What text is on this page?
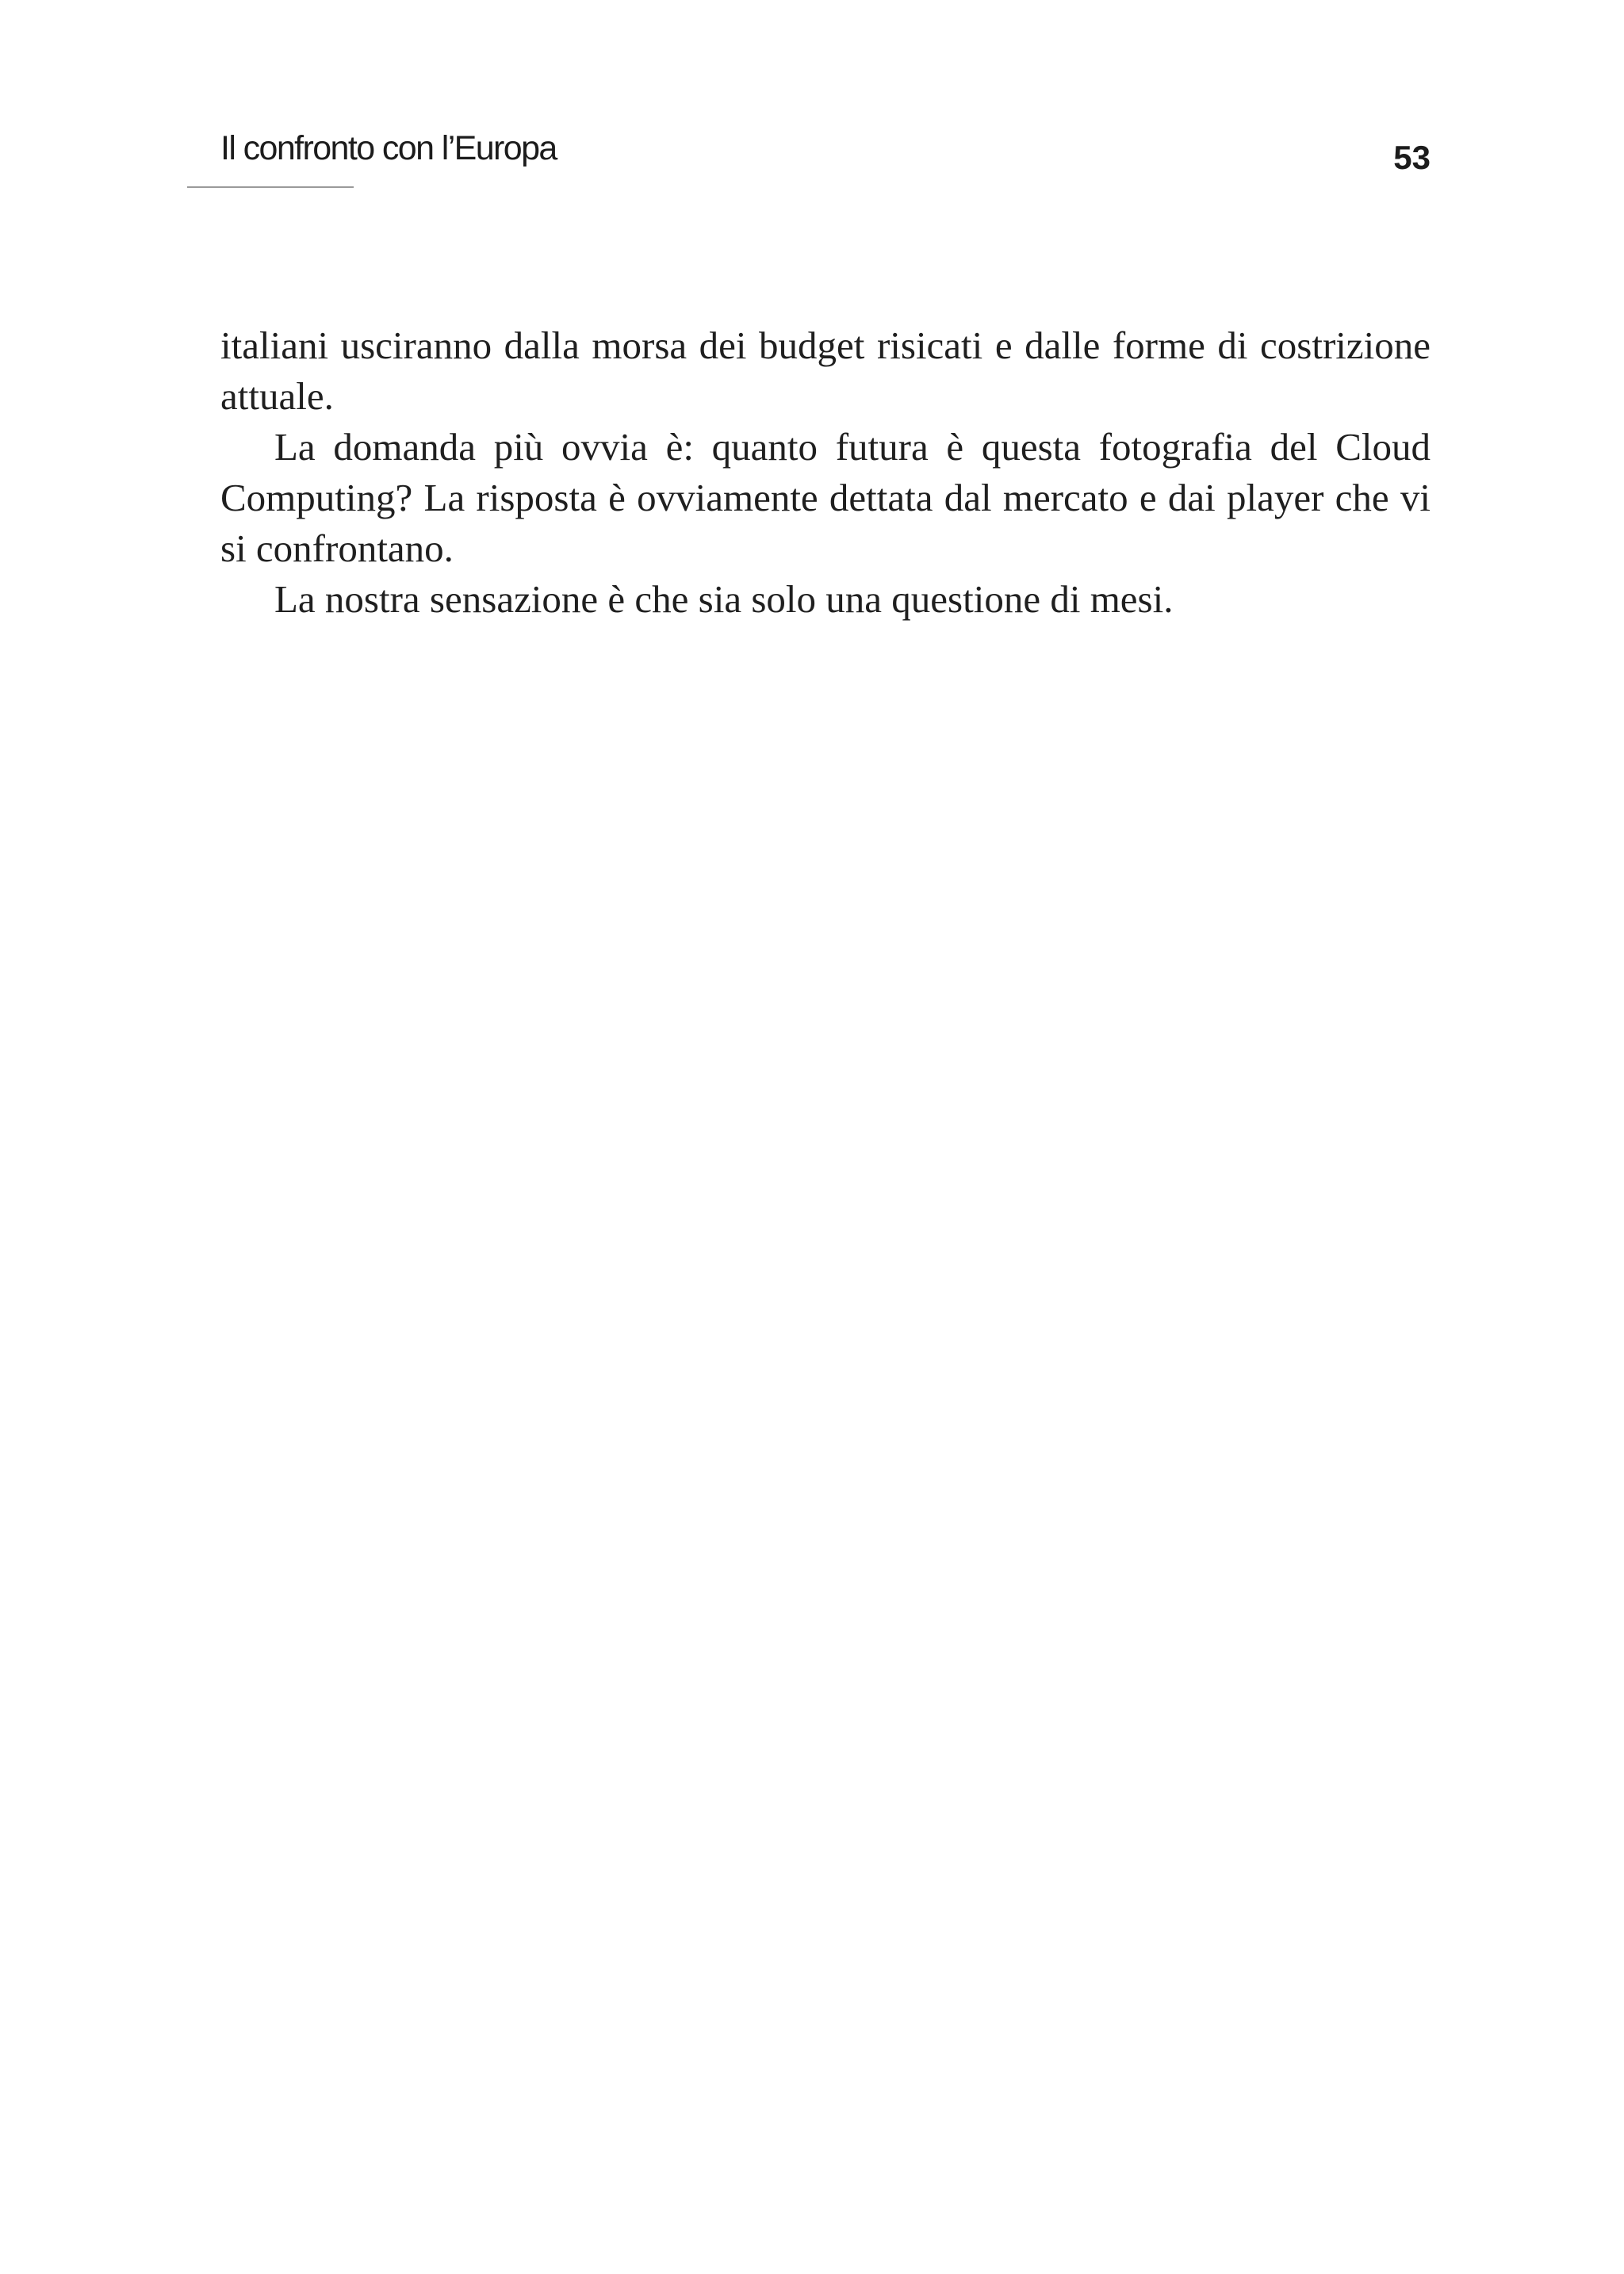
Il confronto con l’Europa	53

italiani usciranno dalla morsa dei budget risicati e dalle forme di costrizione attuale.

La domanda più ovvia è: quanto futura è questa fotografia del Cloud Computing? La risposta è ovviamente dettata dal mercato e dai player che vi si confrontano.

La nostra sensazione è che sia solo una questione di mesi.
